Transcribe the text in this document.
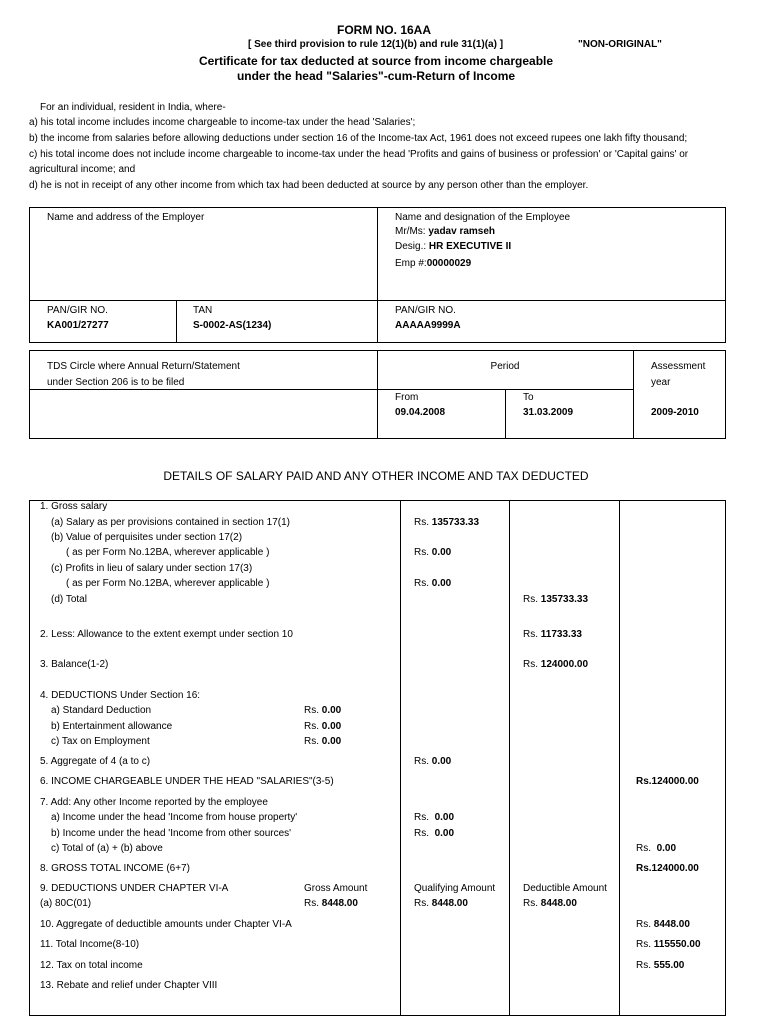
FORM NO. 16AA
[ See third provision to rule 12(1)(b) and rule 31(1)(a) ]	"NON-ORIGINAL"
Certificate for tax deducted at source from income chargeable
under the head "Salaries"-cum-Return of Income
For an individual, resident in India, where-
a) his total income includes income chargeable to income-tax under the head 'Salaries';
b) the income from salaries before allowing deductions under section 16 of the Income-tax Act, 1961 does not exceed rupees one lakh fifty thousand;
c) his total income does not include income chargeable to income-tax under the head 'Profits and gains of business or profession' or 'Capital gains' or
agricultural income; and
d) he is not in receipt of any other income from which tax had been deducted at source by any person other than the employer.
Name and address of the Employer	Name and designation of the Employee
Mr/Ms: yadav ramseh
Desig.: HR EXECUTIVE II
Emp #:00000029
PAN/GIR NO.
KA001/27277
TAN
S-0002-AS(1234)
PAN/GIR NO.
AAAAA9999A
TDS Circle where Annual Return/Statement
under Section 206 is to be filed
Period	Assessment
year
From
09.04.2008
To
31.03.2009	2009-2010
DETAILS OF SALARY PAID AND ANY OTHER INCOME AND TAX DEDUCTED
1. Gross salary
(a) Salary as per provisions contained in section 17(1)	Rs. 135733.33
(b) Value of perquisites under section 17(2)
( as per Form No.12BA, wherever applicable )	Rs. 0.00
(c) Profits in lieu of salary under section 17(3)
( as per Form No.12BA, wherever applicable )	Rs. 0.00
(d) Total	Rs. 135733.33
2. Less: Allowance to the extent exempt under section 10	Rs. 11733.33
3. Balance(1-2)	Rs. 124000.00
4. DEDUCTIONS Under Section 16:
a) Standard Deduction	Rs. 0.00
b) Entertainment allowance	Rs. 0.00
c) Tax on Employment	Rs. 0.00
5. Aggregate of 4 (a to c)	Rs. 0.00
6. INCOME CHARGEABLE UNDER THE HEAD "SALARIES"(3-5)	Rs.124000.00
7. Add: Any other Income reported by the employee
a) Income under the head 'Income from house property'	Rs. 0.00
b) Income under the head 'Income from other sources'	Rs. 0.00
c) Total of (a) + (b) above	Rs. 0.00
8. GROSS TOTAL INCOME (6+7)	Rs.124000.00
9. DEDUCTIONS UNDER CHAPTER VI-A	Gross Amount	Qualifying Amount	Deductible Amount
(a) 80C(01)	Rs. 8448.00	Rs. 8448.00	Rs. 8448.00
10. Aggregate of deductible amounts under Chapter VI-A	Rs. 8448.00
11. Total Income(8-10)	Rs. 115550.00
12. Tax on total income	Rs. 555.00
13. Rebate and relief under Chapter VIII
